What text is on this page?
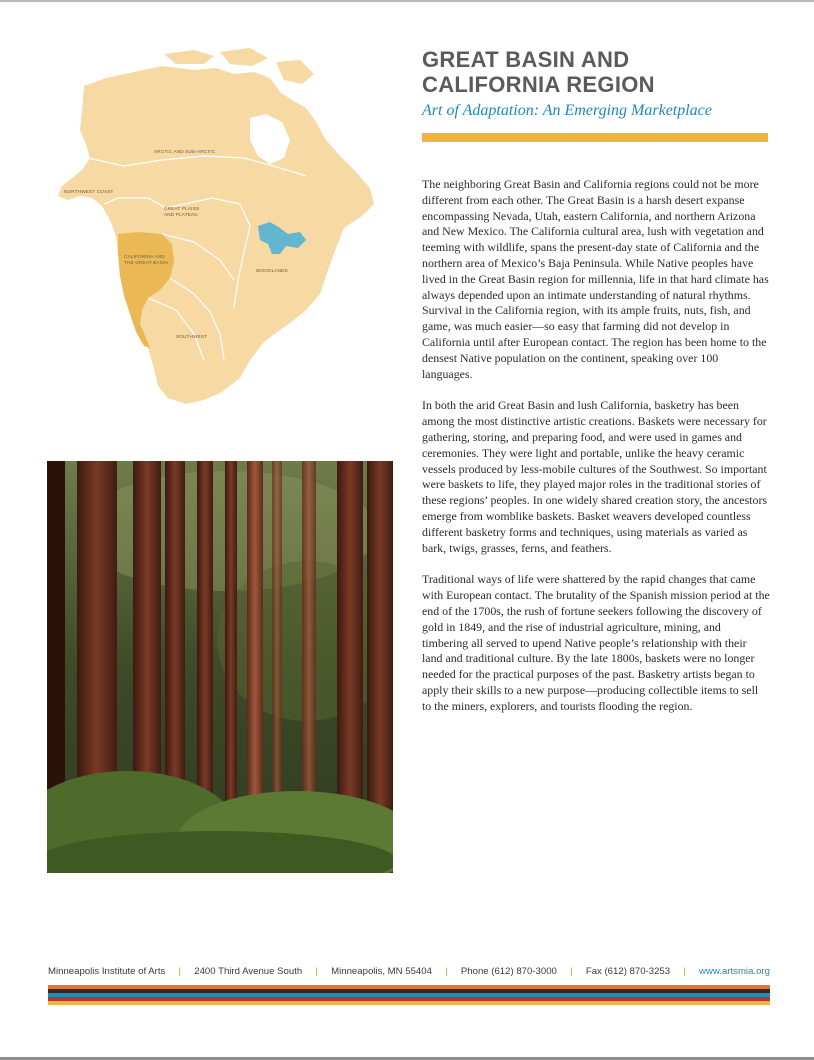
ARCTIC AND SUB-ARCTIC
NORTHWEST COAST
GREAT PLAINS
AND PLATEAU
CALIFORNIA AND
THE GREAT BASIN
WOODLANDS
SOUTHWEST
GREAT BASIN AND
CALIFORNIA REGION
Art of Adaptation: An Emerging Marketplace

The neighboring Great Basin and California regions could not be more different from each other. The Great Basin is a harsh desert expanse encompassing Nevada, Utah, eastern California, and northern Arizona and New Mexico. The California cultural area, lush with vegetation and teeming with wildlife, spans the present-day state of California and the northern area of Mexico’s Baja Peninsula. While Native peoples have lived in the Great Basin region for millennia, life in that hard climate has always depended upon an intimate understanding of natural rhythms. Survival in the California region, with its ample fruits, nuts, fish, and game, was much easier—so easy that farming did not develop in California until after European contact. The region has been home to the densest Native population on the continent, speaking over 100 languages.

In both the arid Great Basin and lush California, basketry has been among the most distinctive artistic creations. Baskets were necessary for gathering, storing, and preparing food, and were used in games and ceremonies. They were light and portable, unlike the heavy ceramic vessels produced by less-mobile cultures of the Southwest. So important were baskets to life, they played major roles in the traditional stories of these regions’ peoples. In one widely shared creation story, the ancestors emerge from womblike baskets. Basket weavers developed countless different basketry forms and techniques, using materials as varied as bark, twigs, grasses, ferns, and feathers.

Traditional ways of life were shattered by the rapid changes that came with European contact. The brutality of the Spanish mission period at the end of the 1700s, the rush of fortune seekers following the discovery of gold in 1849, and the rise of industrial agriculture, mining, and timbering all served to upend Native people’s relationship with their land and traditional culture. By the late 1800s, baskets were no longer needed for the practical purposes of the past. Basketry artists began to apply their skills to a new purpose—producing collectible items to sell to the miners, explorers, and tourists flooding the region.

Minneapolis Institute of Arts | 2400 Third Avenue South | Minneapolis, MN 55404 | Phone (612) 870-3000 | Fax (612) 870-3253 | www.artsmia.org
